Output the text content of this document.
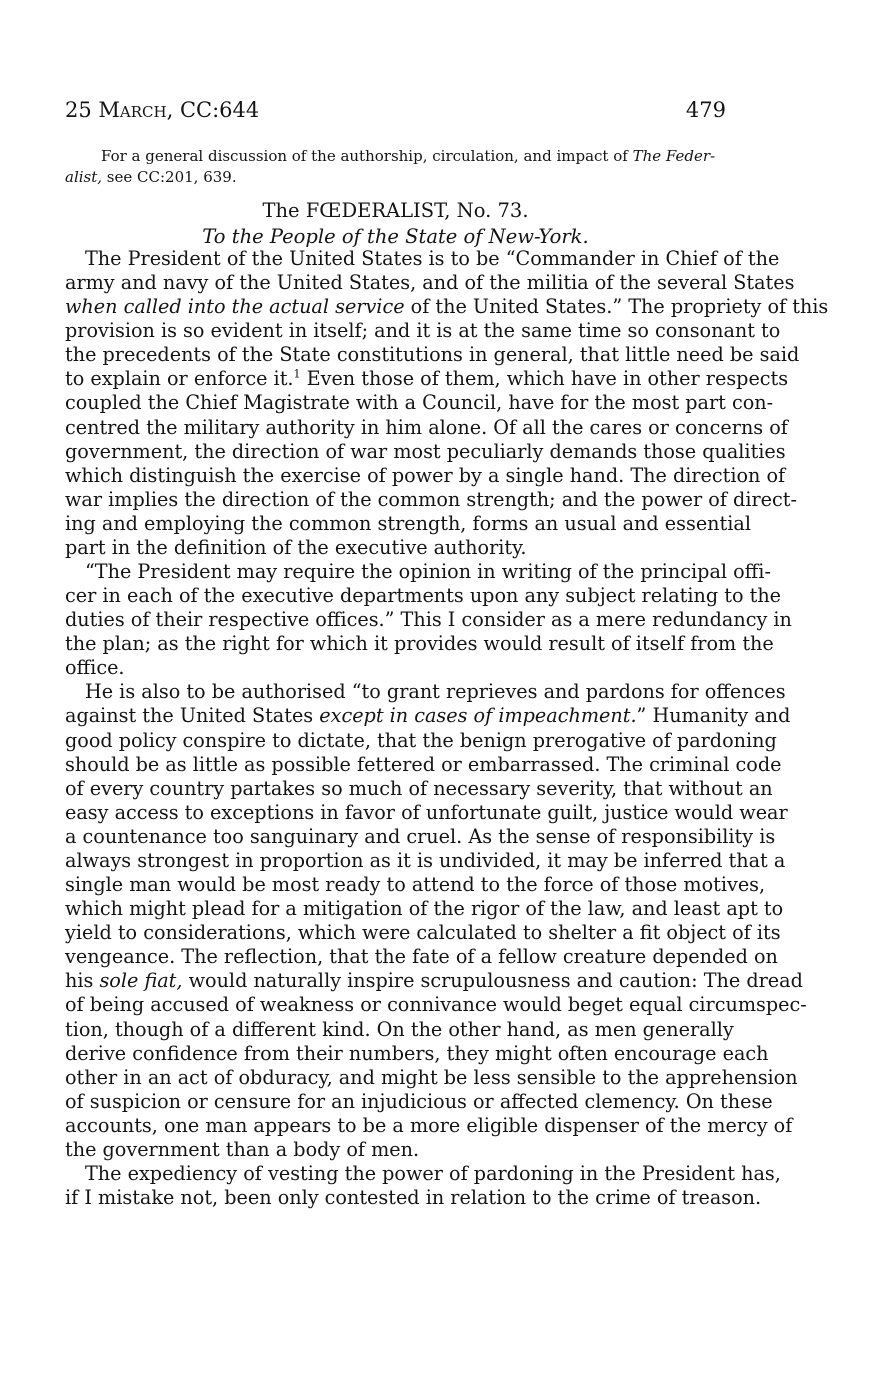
25 March, CC:644	479
For a general discussion of the authorship, circulation, and impact of The Feder-
alist, see CC:201, 639.
The FŒDERALIST, No. 73.
To the People of the State of New-York.
The President of the United States is to be “Commander in Chief of the
army and navy of the United States, and of the militia of the several States
when called into the actual service of the United States.” The propriety of this
provision is so evident in itself; and it is at the same time so consonant to
the precedents of the State constitutions in general, that little need be said
to explain or enforce it.$^1$ Even those of them, which have in other respects
coupled the Chief Magistrate with a Council, have for the most part con-
centred the military authority in him alone. Of all the cares or concerns of
government, the direction of war most peculiarly demands those qualities
which distinguish the exercise of power by a single hand. The direction of
war implies the direction of the common strength; and the power of direct-
ing and employing the common strength, forms an usual and essential
part in the definition of the executive authority.
“The President may require the opinion in writing of the principal offi-
cer in each of the executive departments upon any subject relating to the
duties of their respective offices.” This I consider as a mere redundancy in
the plan; as the right for which it provides would result of itself from the
office.
He is also to be authorised “to grant reprieves and pardons for offences
against the United States except in cases of impeachment.” Humanity and
good policy conspire to dictate, that the benign prerogative of pardoning
should be as little as possible fettered or embarrassed. The criminal code
of every country partakes so much of necessary severity, that without an
easy access to exceptions in favor of unfortunate guilt, justice would wear
a countenance too sanguinary and cruel. As the sense of responsibility is
always strongest in proportion as it is undivided, it may be inferred that a
single man would be most ready to attend to the force of those motives,
which might plead for a mitigation of the rigor of the law, and least apt to
yield to considerations, which were calculated to shelter a fit object of its
vengeance. The reflection, that the fate of a fellow creature depended on
his sole fiat, would naturally inspire scrupulousness and caution: The dread
of being accused of weakness or connivance would beget equal circumspec-
tion, though of a different kind. On the other hand, as men generally
derive confidence from their numbers, they might often encourage each
other in an act of obduracy, and might be less sensible to the apprehension
of suspicion or censure for an injudicious or affected clemency. On these
accounts, one man appears to be a more eligible dispenser of the mercy of
the government than a body of men.
The expediency of vesting the power of pardoning in the President has,
if I mistake not, been only contested in relation to the crime of treason.
